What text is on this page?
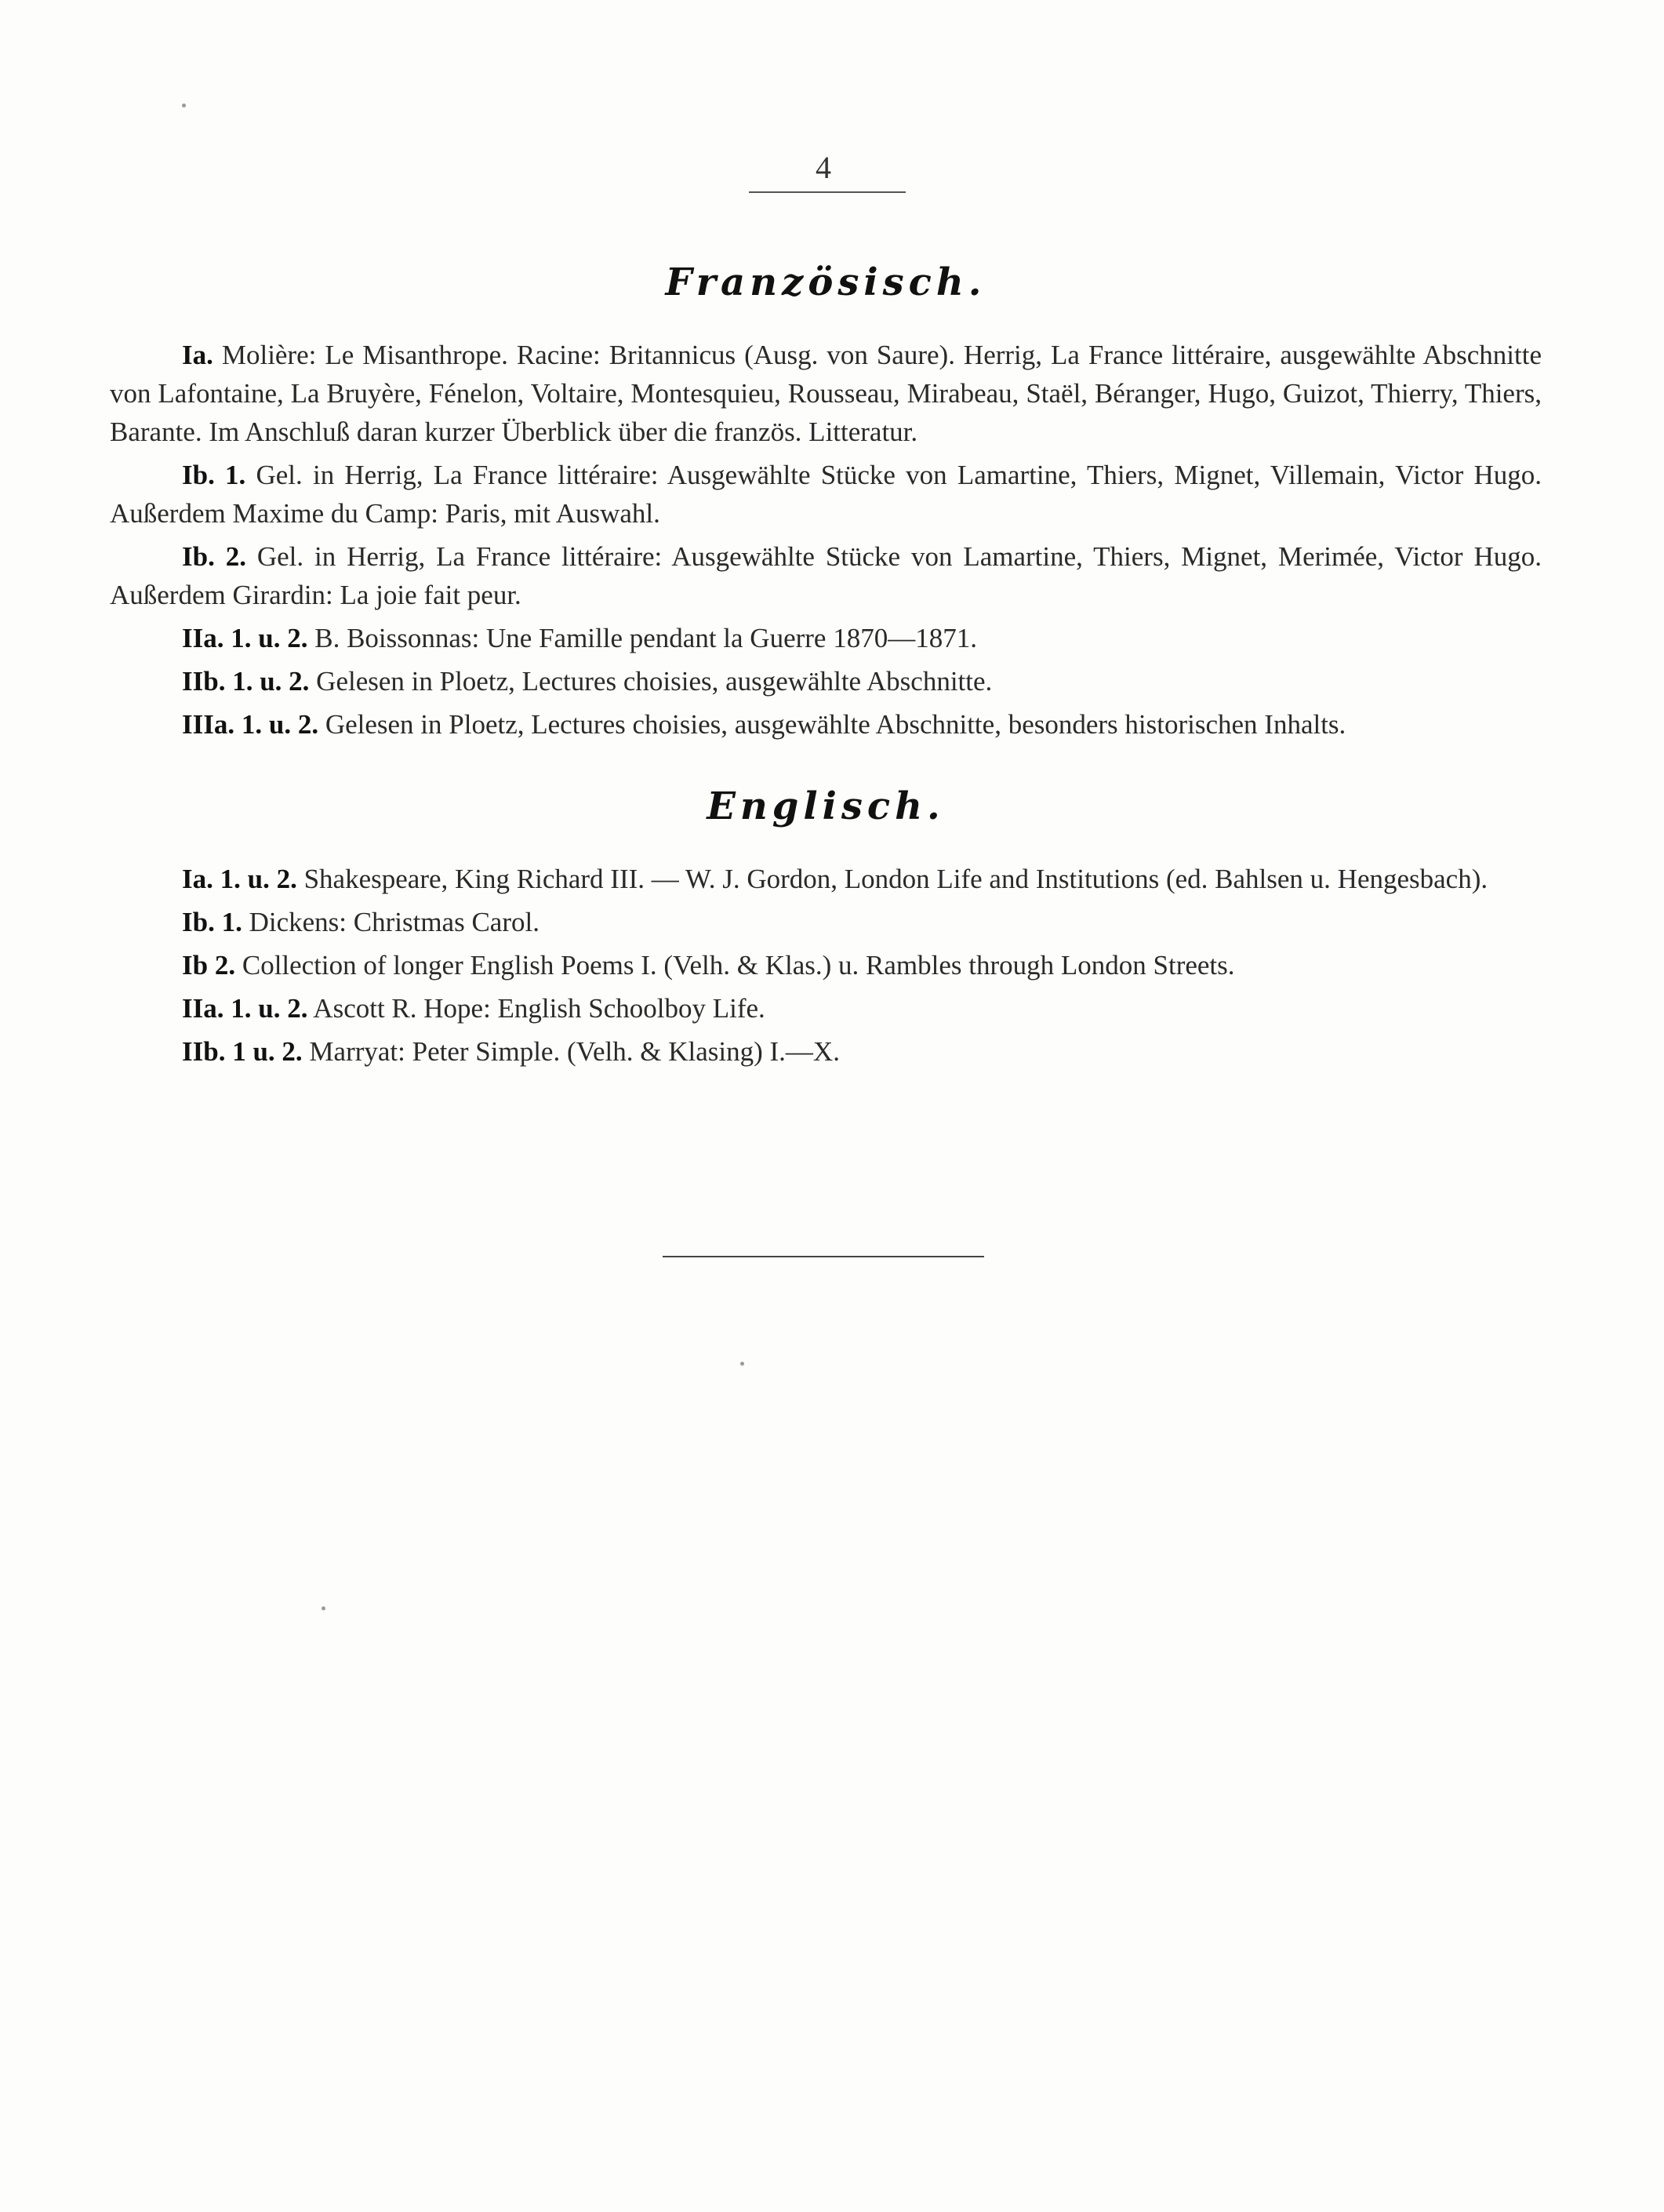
4
Französisch.

Ia. Molière: Le Misanthrope. Racine: Britannicus (Ausg. von Saure). Herrig, La France littéraire, ausgewählte Abschnitte von Lafontaine, La Bruyère, Fénelon, Voltaire, Montesquieu, Rousseau, Mirabeau, Staël, Béranger, Hugo, Guizot, Thierry, Thiers, Barante. Im Anschluß daran kurzer Überblick über die französ. Litteratur.

Ib. 1. Gel. in Herrig, La France littéraire: Ausgewählte Stücke von Lamartine, Thiers, Mignet, Villemain, Victor Hugo. Außerdem Maxime du Camp: Paris, mit Auswahl.

Ib. 2. Gel. in Herrig, La France littéraire: Ausgewählte Stücke von Lamartine, Thiers, Mignet, Merimée, Victor Hugo. Außerdem Girardin: La joie fait peur.

IIa. 1. u. 2. B. Boissonnas: Une Famille pendant la Guerre 1870—1871.

IIb. 1. u. 2. Gelesen in Ploetz, Lectures choisies, ausgewählte Abschnitte.

IIIa. 1. u. 2. Gelesen in Ploetz, Lectures choisies, ausgewählte Abschnitte, besonders historischen Inhalts.

Englisch.

Ia. 1. u. 2. Shakespeare, King Richard III. — W. J. Gordon, London Life and Institutions (ed. Bahlsen u. Hengesbach).

Ib. 1. Dickens: Christmas Carol.

Ib 2. Collection of longer English Poems I. (Velh. & Klas.) u. Rambles through London Streets.

IIa. 1. u. 2. Ascott R. Hope: English Schoolboy Life.

IIb. 1 u. 2. Marryat: Peter Simple. (Velh. & Klasing) I.—X.
